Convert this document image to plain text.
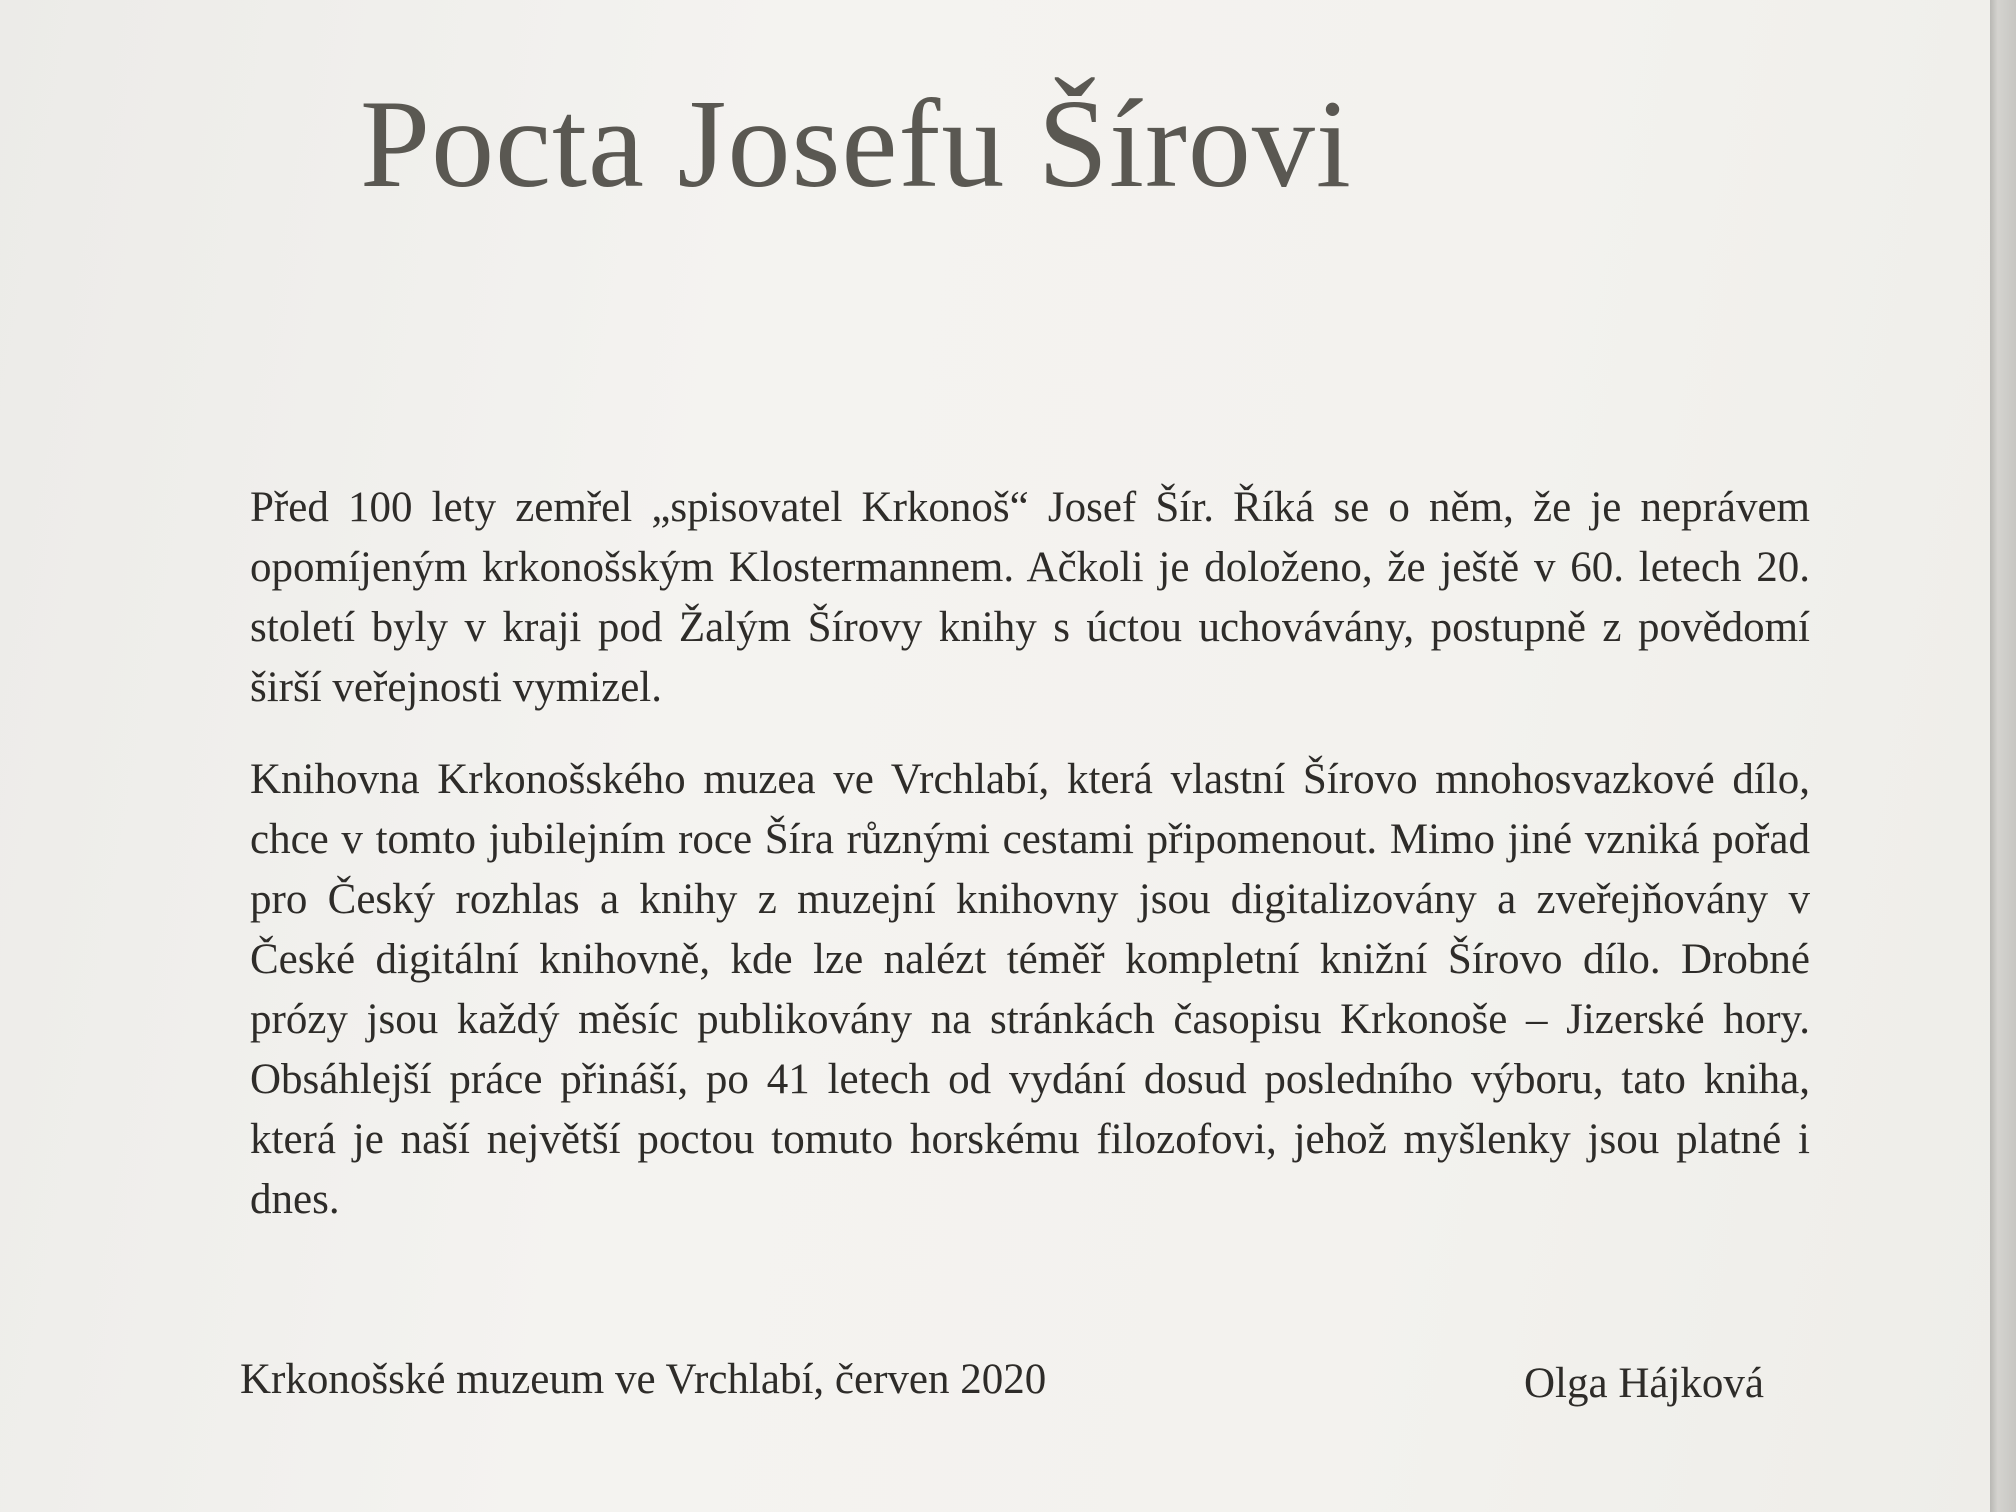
Pocta Josefu Šírovi
Před 100 lety zemřel „spisovatel Krkonoš“ Josef Šír. Říká se o něm, že je neprávem opomíjeným krkonošským Klostermannem. Ačkoli je doloženo, že ještě v 60. letech 20. století byly v kraji pod Žalým Šírovy knihy s úctou uchovávány, postupně z povědomí širší veřejnosti vymizel.
Knihovna Krkonošského muzea ve Vrchlabí, která vlastní Šírovo mnohosvazkové dílo, chce v tomto jubilejním roce Šíra různými cestami připomenout. Mimo jiné vzniká pořad pro Český rozhlas a knihy z muzejní knihovny jsou digitalizovány a zveřejňovány v České digitální knihovně, kde lze nalézt téměř kompletní knižní Šírovo dílo. Drobné prózy jsou každý měsíc publikovány na stránkách časopisu Krkonoše – Jizerské hory. Obsáhlejší práce přináší, po 41 letech od vydání dosud posledního výboru, tato kniha, která je naší největší poctou tomuto horskému filozofovi, jehož myšlenky jsou platné i dnes.
Krkonošské muzeum ve Vrchlabí, červen 2020	Olga Hájková
